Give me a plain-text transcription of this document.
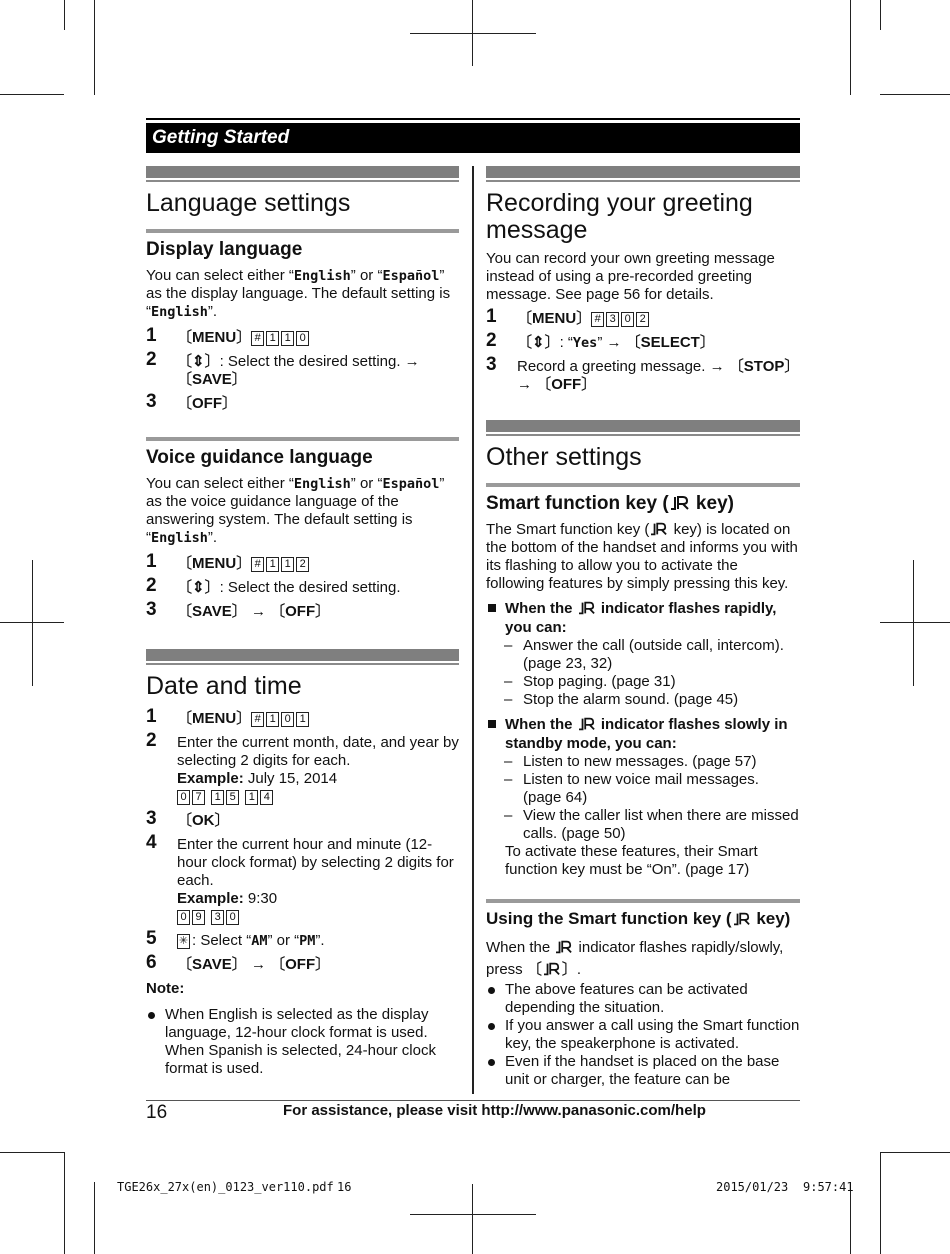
Getting Started
Language settings
Display language

You can select either “English” or “Español” as the display language. The default setting is “English”.

1 〔MENU〕 # 1 1 0
2 〔⇕〕: Select the desired setting. →
〔SAVE〕
3 〔OFF〕
Voice guidance language

You can select either “English” or “Español” as the voice guidance language of the answering system. The default setting is “English”.

1 〔MENU〕 # 1 1 2
2 〔⇕〕: Select the desired setting.
3 〔SAVE〕 → 〔OFF〕
Date and time
1 〔MENU〕 # 1 0 1
2 Enter the current month, date, and year by selecting 2 digits for each.
Example: July 15, 2014
0 7 1 5 1 4
3 〔OK〕
4 Enter the current hour and minute (12-hour clock format) by selecting 2 digits for each.
Example: 9:30
0 9 3 0
5 ✳ : Select “AM” or “PM”.
6 〔SAVE〕 → 〔OFF〕

Note:

When English is selected as the display language, 12-hour clock format is used. When Spanish is selected, 24-hour clock format is used.
Recording your greeting message

You can record your own greeting message instead of using a pre-recorded greeting message. See page 56 for details.

1 〔MENU〕 # 3 0 2
2 〔⇕〕: “Yes” → 〔SELECT〕
3 Record a greeting message. → 〔STOP〕
→ 〔OFF〕
Other settings
Smart function key ( key)

The Smart function key ( key) is located on the bottom of the handset and informs you with its flashing to allow you to activate the following features by simply pressing this key.

When the  indicator flashes rapidly, you can:
– Answer the call (outside call, intercom). (page 23, 32)
– Stop paging. (page 31)
– Stop the alarm sound. (page 45)
When the  indicator flashes slowly in standby mode, you can:
– Listen to new messages. (page 57)
– Listen to new voice mail messages. (page 64)
– View the caller list when there are missed calls. (page 50)

To activate these features, their Smart function key must be “On”. (page 17)

Using the Smart function key ( key)

When the  indicator flashes rapidly/slowly, press 〔 〕.

The above features can be activated depending the situation.
If you answer a call using the Smart function key, the speakerphone is activated.
Even if the handset is placed on the base unit or charger, the feature can be
16	For assistance, please visit http://www.panasonic.com/help
TGE26x_27x(en)_0123_ver110.pdf 16	2015/01/23 9:57:41
